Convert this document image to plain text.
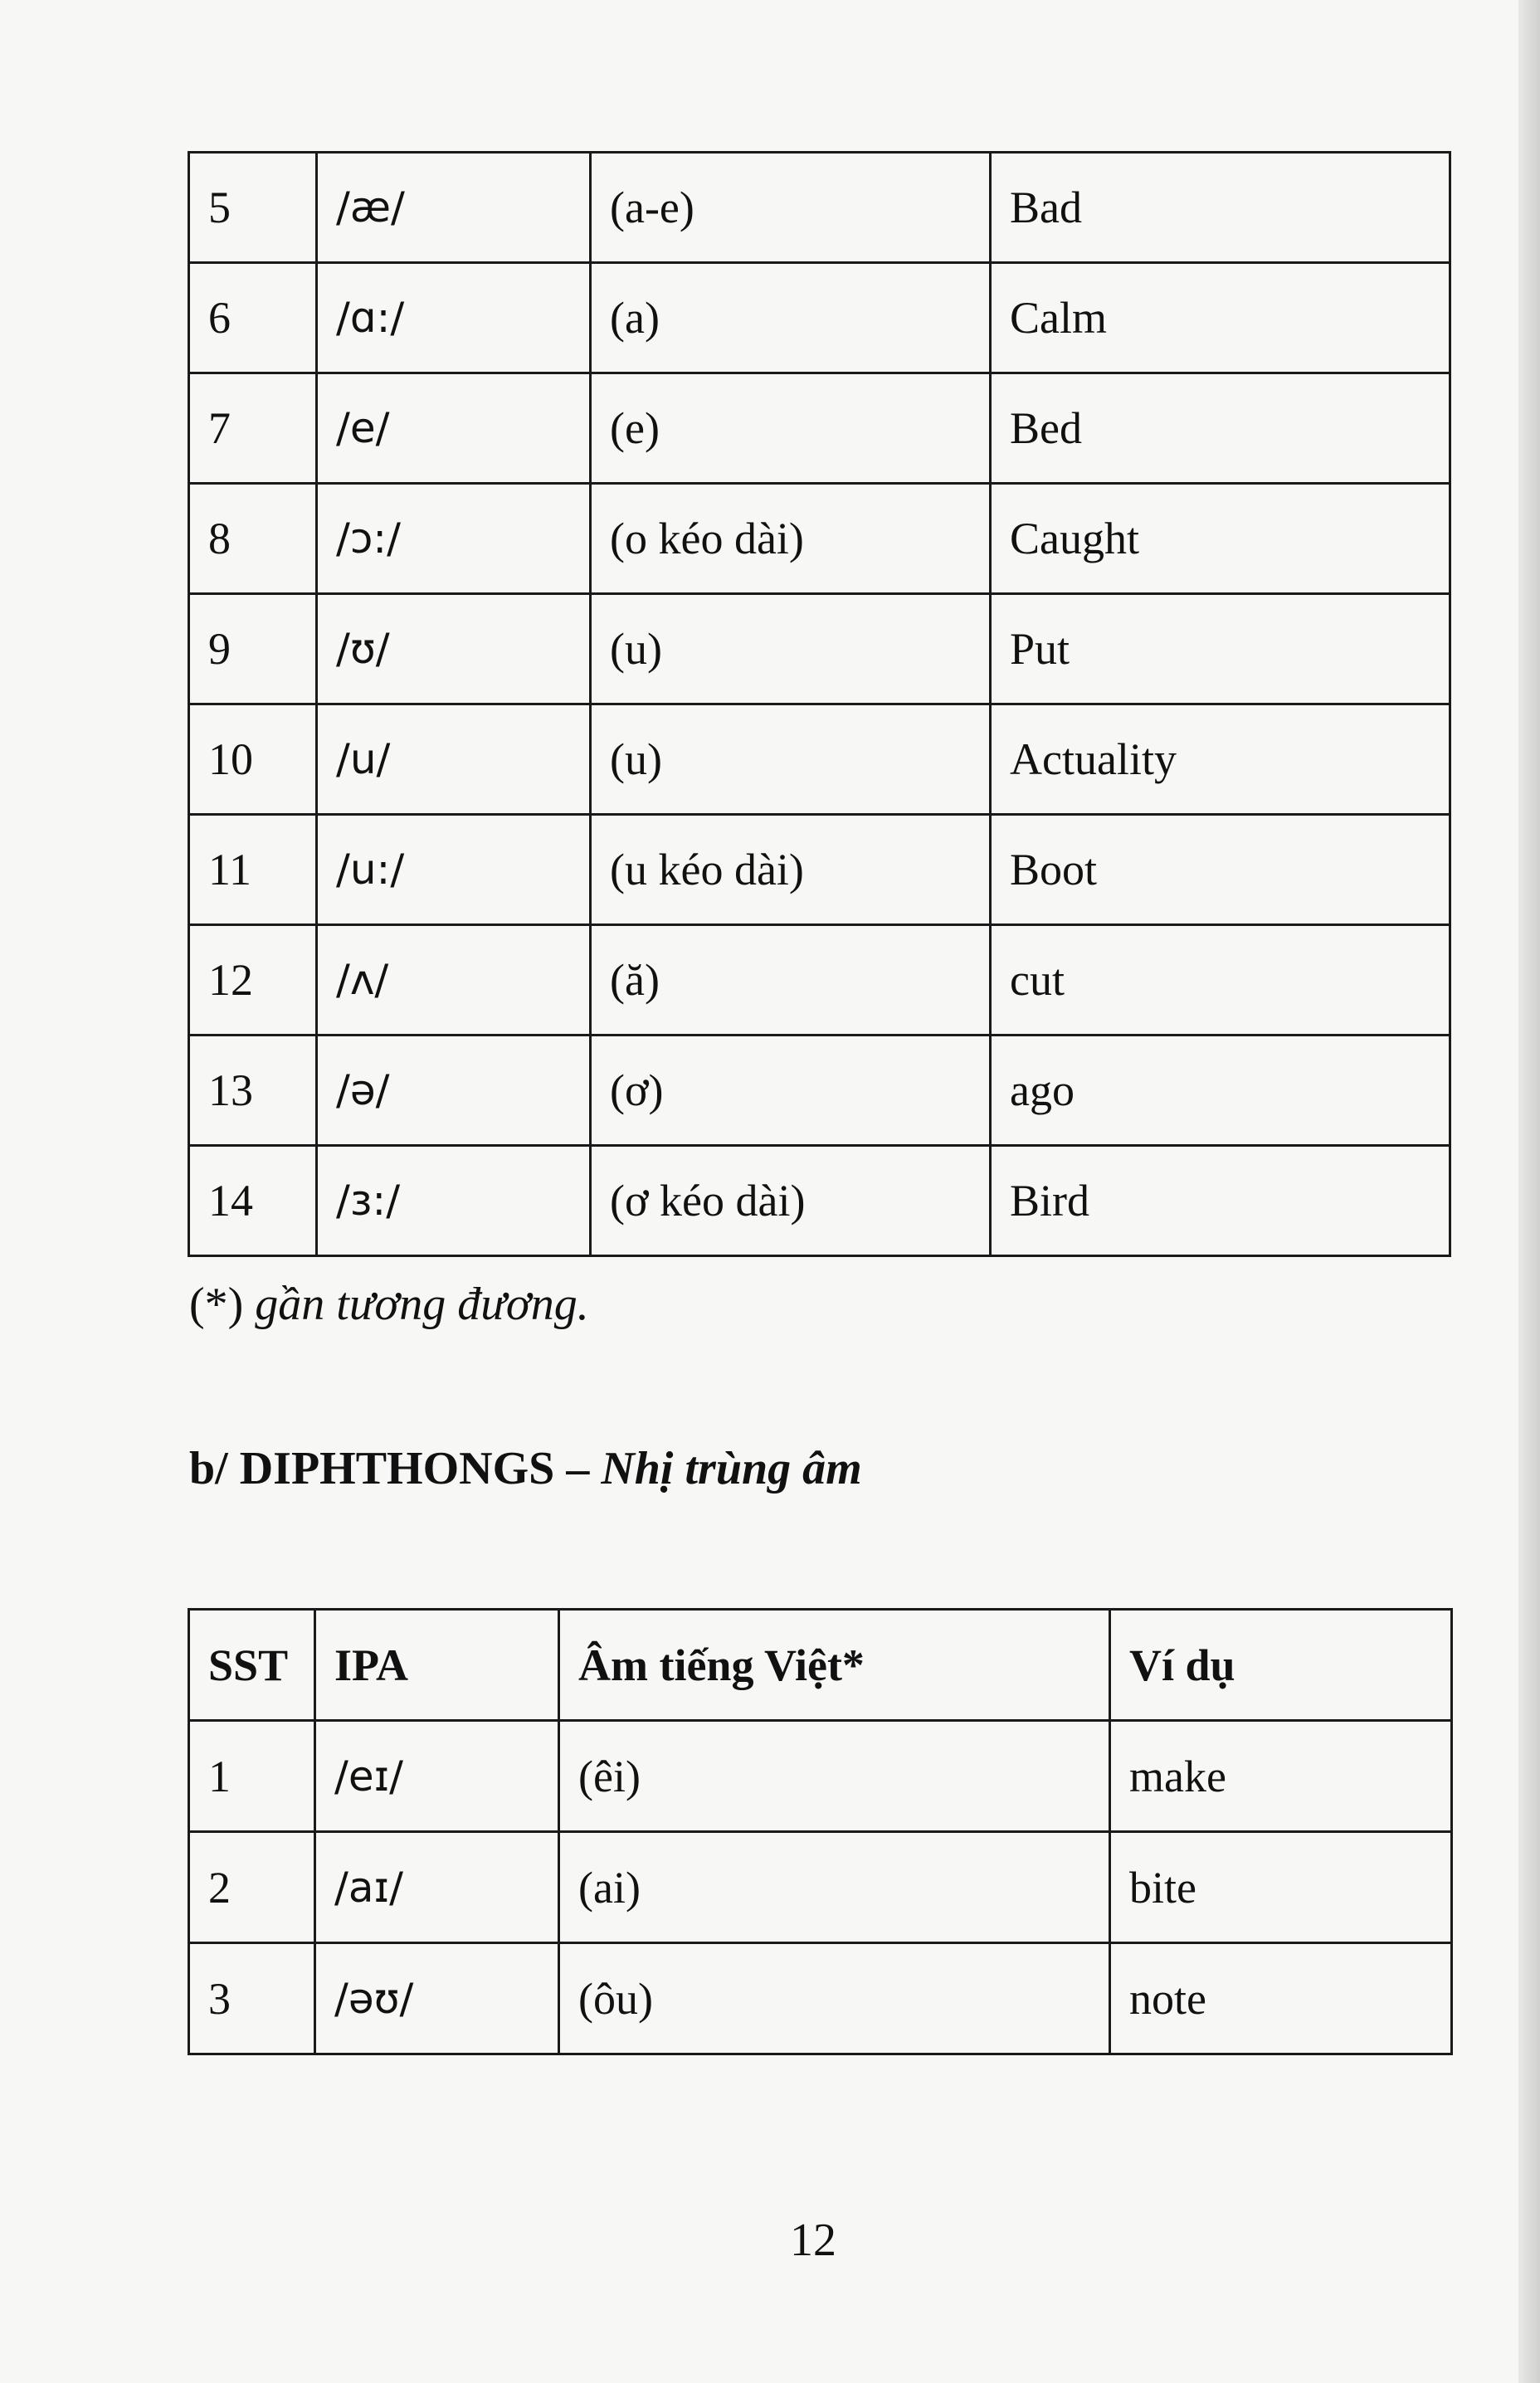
5	/æ/	(a-e)	Bad
6	/ɑ:/	(a)	Calm
7	/e/	(e)	Bed
8	/ɔ:/	(o kéo dài)	Caught
9	/ʊ/	(u)	Put
10	/u/	(u)	Actuality
11	/u:/	(u kéo dài)	Boot
12	/ʌ/	(ă)	cut
13	/ə/	(ơ)	ago
14	/ɜ:/	(ơ kéo dài)	Bird
(*) gần tương đương.
b/ DIPHTHONGS – Nhị trùng âm
SST	IPA	Âm tiếng Việt*	Ví dụ
1	/eɪ/	(êi)	make
2	/aɪ/	(ai)	bite
3	/əʊ/	(ôu)	note
12
